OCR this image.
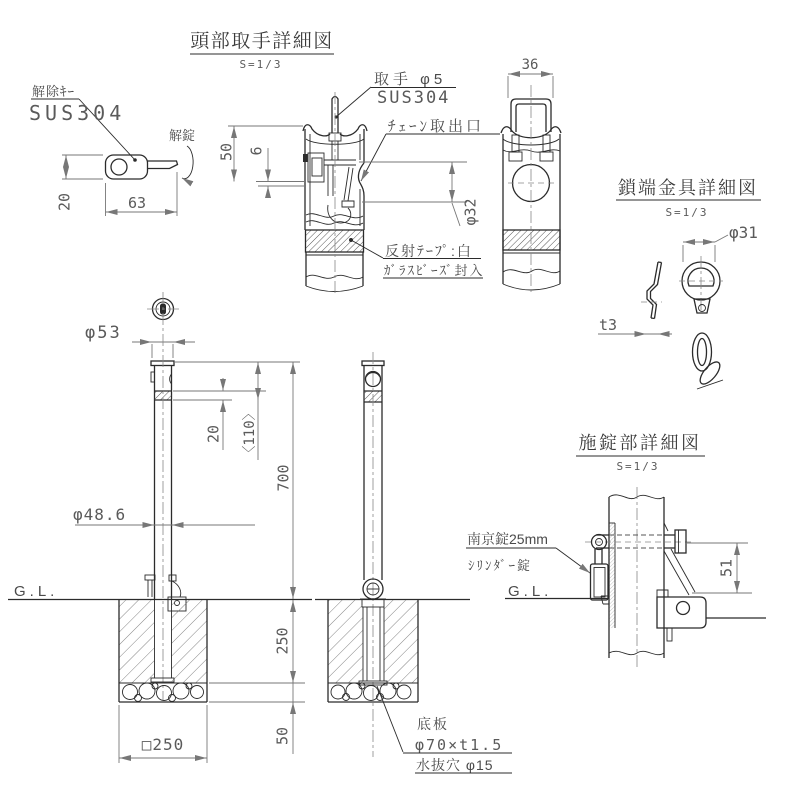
頭部取手詳細図
S=1/3
鎖端金具詳細図
S=1/3
施錠部詳細図
S=1/3
解除ｷｰ
SUS304
解錠
20	63
取手 φ5
SUS304
ﾁｪｰﾝ取出口
50 6
φ32
反射ﾃｰﾌﾟ:白
ｶﾞﾗｽﾋﾞｰｽﾞ封入
36
t3
φ31
φ53
G.L.
φ48.6
20 〈110〉
700
250
50
□250
底板
φ70×t1.5
水抜穴 φ15
G.L.
南京錠25mm
ｼﾘﾝﾀﾞｰ錠	51
